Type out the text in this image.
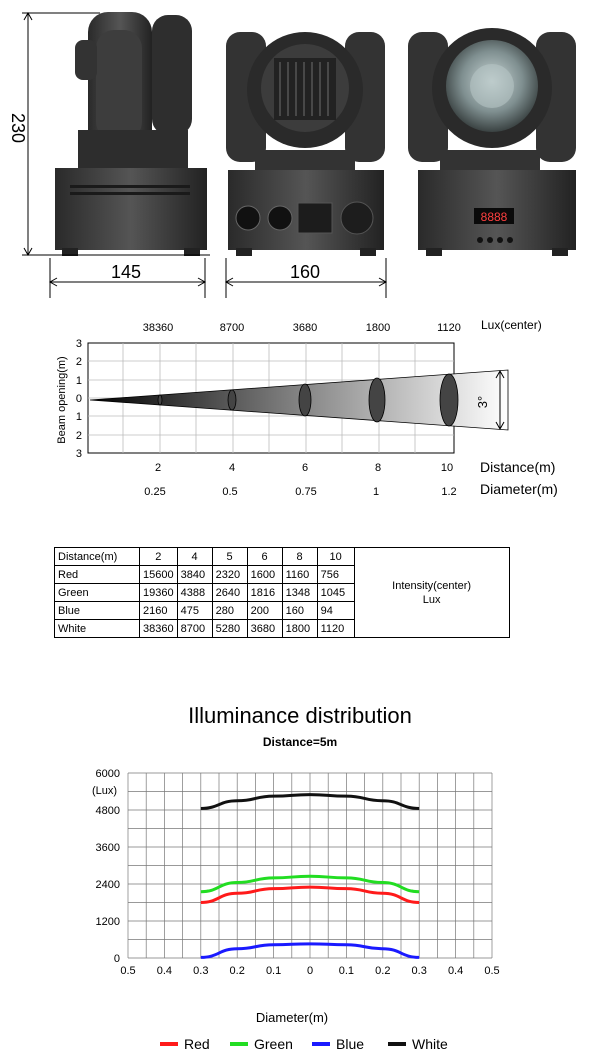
8888
230
145	160
38360	8700	3680	1800	1120 Lux(center)
3°
3
2
1
0
1
2
3
Beam opening(m)
2	4	6	8	10 Distance(m)
0.25	0.5	0.75	1	1.2 Diameter(m)
Distance(m)	2	4	5	6	8	10	Intensity(center)
Lux
Red	15600	3840	2320	1600	1160	756	
Green	19360	4388	2640	1816	1348	1045	
Blue	2160	475	280	200	160	94	
White	38360	8700	5280	3680	1800	1120	
Illuminance distribution
Distance=5m
6000
4800
3600
2400
1200
0
0.5 0.4 0.3 0.2 0.1 0 0.1 0.2 0.3 0.4 0.5
(Lux)
Diameter(m)
Red	Green	Blue	White
